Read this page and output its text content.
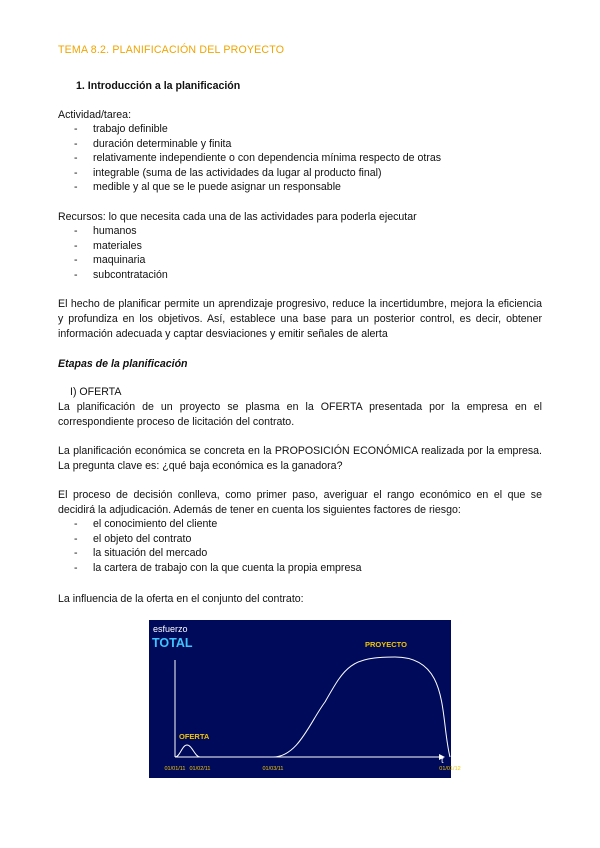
TEMA 8.2. PLANIFICACIÓN DEL PROYECTO
1. Introducción a la planificación
Actividad/tarea:
- trabajo definible
- duración determinable y finita
- relativamente independiente o con dependencia mínima respecto de otras
- integrable (suma de las actividades da lugar al producto final)
- medible y al que se le puede asignar un responsable
Recursos: lo que necesita cada una de las actividades para poderla ejecutar
- humanos
- materiales
- maquinaria
- subcontratación
El hecho de planificar permite un aprendizaje progresivo, reduce la incertidumbre, mejora la eficiencia y profundiza en los objetivos. Así, establece una base para un posterior control, es decir, obtener información adecuada y captar desviaciones y emitir señales de alerta
Etapas de la planificación
I) OFERTA
La planificación de un proyecto se plasma en la OFERTA presentada por la empresa en el correspondiente proceso de licitación del contrato.
La planificación económica se concreta en la PROPOSICIÓN ECONÓMICA realizada por la empresa. La pregunta clave es: ¿qué baja económica es la ganadora?
El proceso de decisión conlleva, como primer paso, averiguar el rango económico en el que se decidirá la adjudicación. Además de tener en cuenta los siguientes factores de riesgo:
- el conocimiento del cliente
- el objeto del contrato
- la situación del mercado
- la cartera de trabajo con la que cuenta la propia empresa
La influencia de la oferta en el conjunto del contrato:
esfuerzo
TOTAL
t
OFERTA
PROYECTO
01/01/11 01/02/11	01/03/11	01/01/12
